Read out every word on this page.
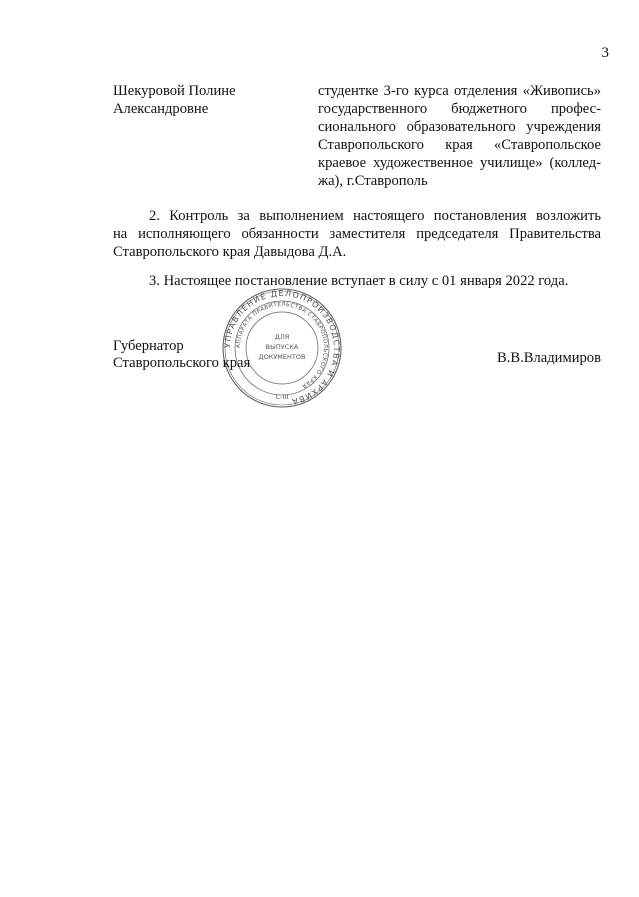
3
Шекуровой Полине
Александровне
студентке 3-го курса отделения «Живопись»
государственного бюджетного профес-
сионального образовательного учреждения
Ставропольского края «Ставропольское
краевое художественное училище» (коллед-
жа), г.Ставрополь
2. Контроль за выполнением настоящего постановления возложить
на исполняющего обязанности заместителя председателя Правительства
Ставропольского края Давыдова Д.А.
3. Настоящее постановление вступает в силу с 01 января 2022 года.
УПРАВЛЕНИЕ ДЕЛОПРОИЗВОДСТВА И АРХИВА
АППАРАТА ПРАВИТЕЛЬСТВА СТАВРОПОЛЬСКОГО КРАЯ
ДЛЯ
ВЫПУСКА
ДОКУМЕНТОВ
С-III
Губернатор
Ставропольского края	В.В.Владимиров
